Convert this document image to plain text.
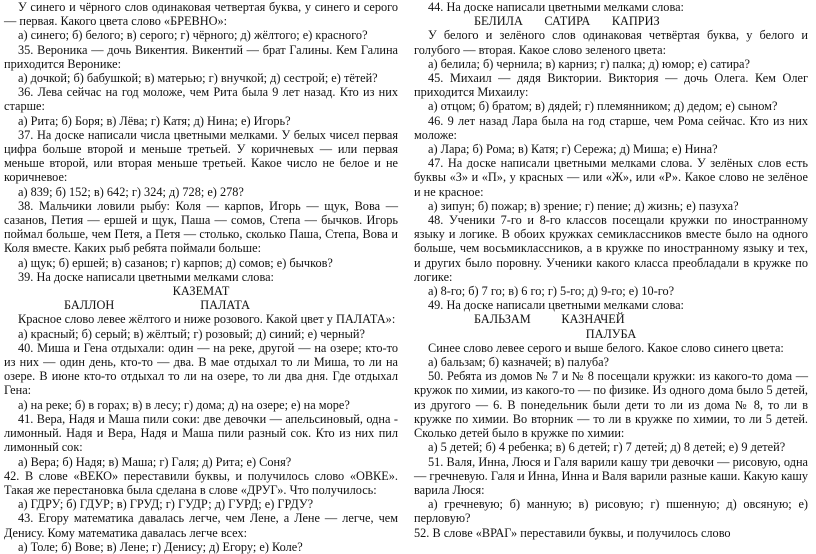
У синего и чёрного слов одинаковая четвертая буква, у синего и серого — первая. Какого цвета слово «БРЕВНО»:

а) синего; б) белого; в) серого; г) чёрного; д) жёлтого; е) красного?

35. Вероника — дочь Викентия. Викентий — брат Галины. Кем Галина приходится Веронике:

а) дочкой; б) бабушкой; в) матерью; г) внучкой; д) сестрой; е) тётей?

36. Лева сейчас на год моложе, чем Рита была 9 лет назад. Кто из них старше:

а) Рита; б) Боря; в) Лёва; г) Катя; д) Нина; е) Игорь?

37. На доске написали числа цветными мелками. У белых чисел первая цифра больше второй и меньше третьей. У коричневых — или первая меньше второй, или вторая меньше третьей. Какое число не белое и не коричневое:

а) 839; б) 152; в) 642; г) 324; д) 728; е) 278?

38. Мальчики ловили рыбу: Коля — карпов, Игорь — щук, Вова — сазанов, Петия — ершей и щук, Паша — сомов, Степа — бычков. Игорь поймал больше, чем Петя, а Петя — столько, сколько Паша, Степа, Вова и Коля вместе. Каких рыб ребята поймали больше:

а) щук; б) ершей; в) сазанов; г) карпов; д) сомов; е) бычков?

39. На доске написали цветными мелками слова:

КАЗЕМАТ

БАЛЛОН                            ПАЛАТА

Красное слово левее жёлтого и ниже розового. Какой цвет у ПАЛАТА»:

а) красный; б) серый; в) жёлтый; г) розовый; д) синий; е) черный?

40. Миша и Гена отдыхали: один — на реке, другой — на озере; кто-то из них — один день, кто-то — два. В мае отдыхал то ли Миша, то ли на озере. В июне кто-то отдыхал то ли на озере, то ли два дня. Где отдыхал Гена:

а) на реке; б) в горах; в) в лесу; г) дома; д) на озере; е) на море?

41. Вера, Надя и Маша пили соки: две девочки — апельсиновый, одна - лимонный. Надя и Вера, Надя и Маша пили разный сок. Кто из них пил лимонный сок:

а) Вера; б) Надя; в) Маша; г) Галя; д) Рита; е) Соня?

42. В слове «ВЕКО» переставили буквы, и получилось слово «ОВКЕ». Такая же перестановка была сделана в слове «ДРУГ». Что получилось:

а) ГДРУ; б) ГДУР; в) ГРУД; г) ГУДР; д) ГУРД; е) ГРДУ?

43. Егору математика давалась легче, чем Лене, а Лене — легче, чем Денису. Кому математика давалась легче всех:

а) Толе; б) Вове; в) Лене; г) Денису; д) Егору; е) Коле?

44. На доске написали цветными мелками слова:

БЕЛИЛА       САТИРА       КАПРИЗ

У белого и зелёного слов одинаковая четвёртая буква, у белого и голубого — вторая. Какое слово зеленого цвета:

а) белила; б) чернила; в) карниз; г) палка; д) юмор; е) сатира?

45. Михаил — дядя Виктории. Виктория — дочь Олега. Кем Олег приходится Михаилу:

а) отцом; б) братом; в) дядей; г) племянником; д) дедом; е) сыном?

46. 9 лет назад Лара была на год старше, чем Рома сейчас. Кто из них моложе:

а) Лара; б) Рома; в) Катя; г) Сережа; д) Миша; е) Нина?

47. На доске написали цветными мелками слова. У зелёных слов есть буквы «З» и «П», у красных — или «Ж», или «Р». Какое слово не зелёное и не красное:

а) зипун; б) пожар; в) зрение; г) пение; д) жизнь; е) пазуха?

48. Ученики 7-го и 8-го классов посещали кружки по иностранному языку и логике. В обоих кружках семиклассников вместе было на одного больше, чем восьмиклассников, а в кружке по иностранному языку и тех, и других было поровну. Ученики какого класса преобладали в кружке по логике:

а) 8-го; б) 7 го; в) 6 го; г) 5-го; д) 9-го; е) 10-го?

49. На доске написали цветными мелками слова:

БАЛЬЗАМ          КАЗНАЧЕЙ

ПАЛУБА

Синее слово левее серого и выше белого. Какое слово синего цвета:

а) бальзам; б) казначей; в) палуба?

50. Ребята из домов № 7 и № 8 посещали кружки: из какого-то дома — кружок по химии, из какого-то — по физике. Из одного дома было 5 детей, из другого — 6. В понедельник были дети то ли из дома № 8, то ли в кружке по химии. Во вторник — то ли в кружке по химии, то ли 5 детей. Сколько детей было в кружке по химии:

а) 5 детей; б) 4 ребенка; в) 6 детей; г) 7 детей; д) 8 детей; е) 9 детей?

51. Валя, Инна, Люся и Галя варили кашу три девочки — рисовую, одна — гречневую. Галя и Инна, Инна и Валя варили разные каши. Какую кашу варила Люся:

а) гречневую; б) манную; в) рисовую; г) пшенную; д) овсяную; е) перловую?

52. В слове «ВРАГ» переставили буквы, и получилось слово
